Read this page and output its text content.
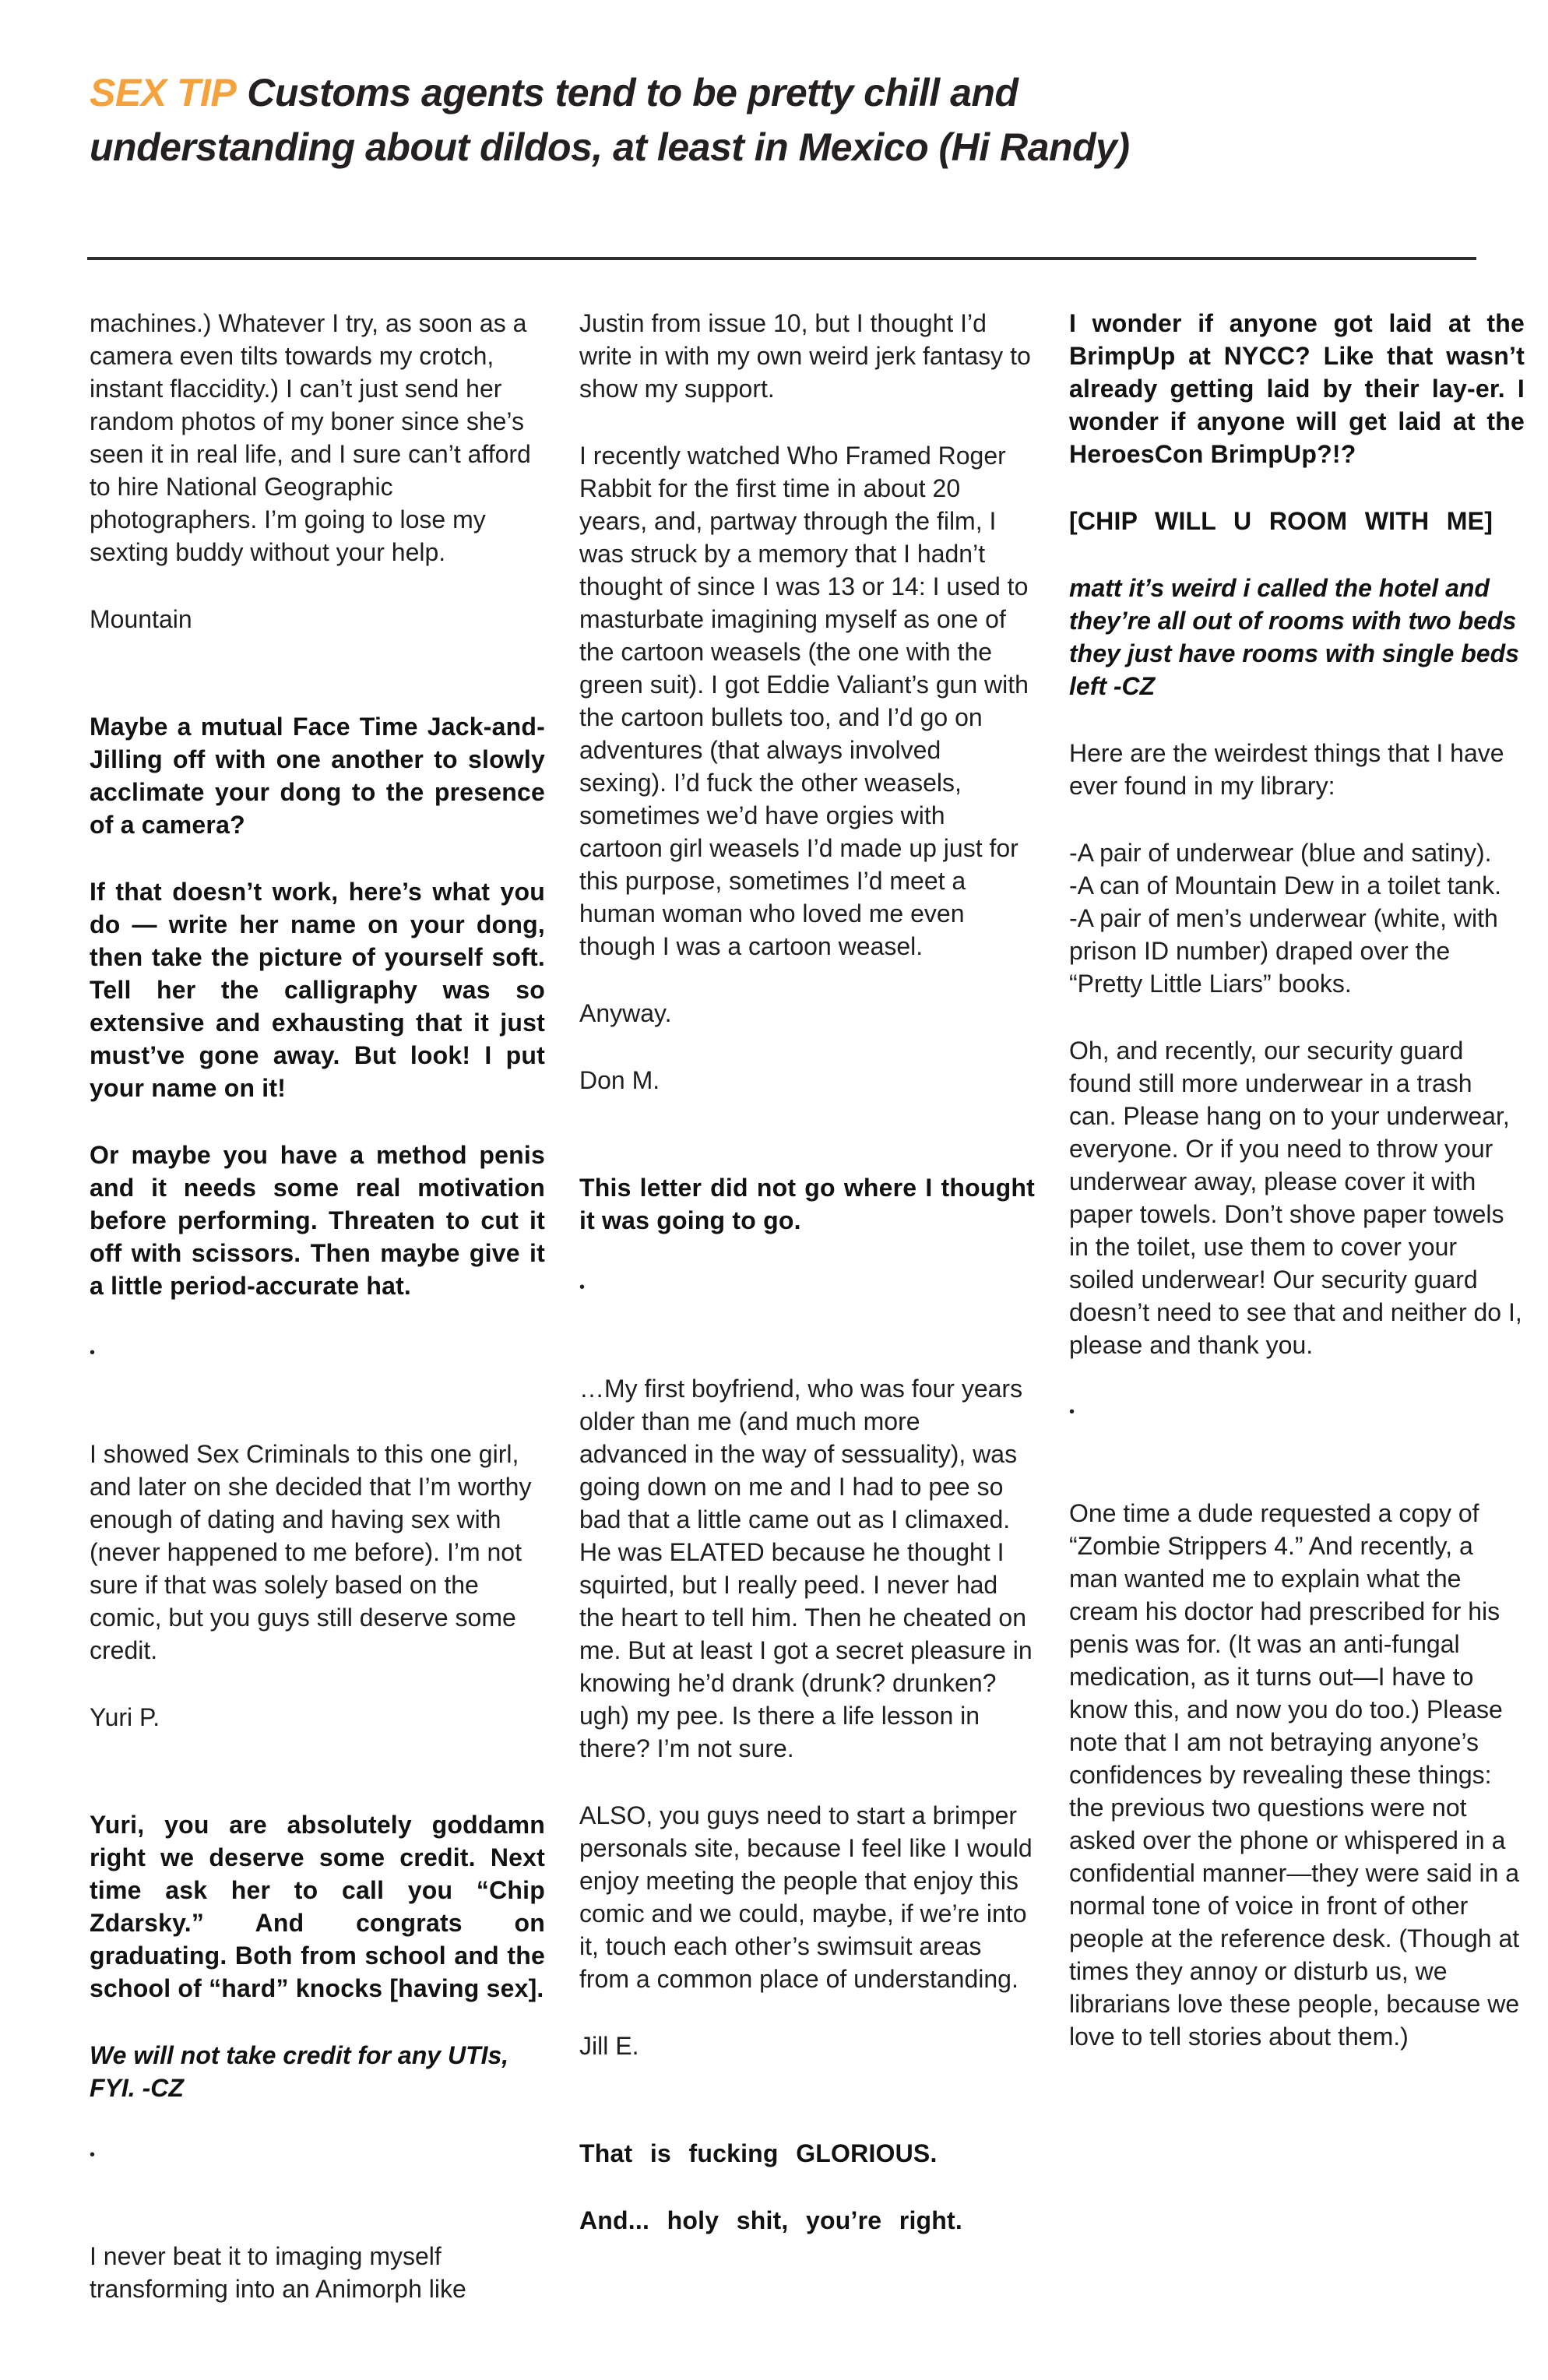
SEX TIP Customs agents tend to be pretty chill and understanding about dildos, at least in Mexico (Hi Randy)

machines.) Whatever I try, as soon as a camera even tilts towards my crotch, instant flaccidity.) I can’t just send her random photos of my boner since she’s seen it in real life, and I sure can’t afford to hire National Geographic photographers. I’m going to lose my sexting buddy without your help.

Mountain

Maybe a mutual Face Time Jack-and-Jilling off with one another to slowly acclimate your dong to the presence of a camera?

If that doesn’t work, here’s what you do — write her name on your dong, then take the picture of yourself soft. Tell her the calligraphy was so extensive and exhausting that it just must’ve gone away. But look! I put your name on it!

Or maybe you have a method penis and it needs some real motivation before performing. Threaten to cut it off with scissors. Then maybe give it a little period-accurate hat.

•

I showed Sex Criminals to this one girl, and later on she decided that I’m worthy enough of dating and having sex with (never happened to me before). I’m not sure if that was solely based on the comic, but you guys still deserve some credit.

Yuri P.

Yuri, you are absolutely goddamn right we deserve some credit. Next time ask her to call you “Chip Zdarsky.” And congrats on graduating. Both from school and the school of “hard” knocks [having sex].

We will not take credit for any UTIs, FYI. -CZ

•

I never beat it to imaging myself transforming into an Animorph like

Justin from issue 10, but I thought I’d write in with my own weird jerk fantasy to show my support.

I recently watched Who Framed Roger Rabbit for the first time in about 20 years, and, partway through the film, I was struck by a memory that I hadn’t thought of since I was 13 or 14: I used to masturbate imagining myself as one of the cartoon weasels (the one with the green suit). I got Eddie Valiant’s gun with the cartoon bullets too, and I’d go on adventures (that always involved sexing). I’d fuck the other weasels, sometimes we’d have orgies with cartoon girl weasels I’d made up just for this purpose, sometimes I’d meet a human woman who loved me even though I was a cartoon weasel.

Anyway.

Don M.

This letter did not go where I thought it was going to go.

•

…My first boyfriend, who was four years older than me (and much more advanced in the way of sessuality), was going down on me and I had to pee so bad that a little came out as I climaxed. He was ELATED because he thought I squirted, but I really peed. I never had the heart to tell him. Then he cheated on me. But at least I got a secret pleasure in knowing he’d drank (drunk? drunken? ugh) my pee. Is there a life lesson in there? I’m not sure.

ALSO, you guys need to start a brimper personals site, because I feel like I would enjoy meeting the people that enjoy this comic and we could, maybe, if we’re into it, touch each other’s swimsuit areas from a common place of understanding.

Jill E.

That is fucking GLORIOUS.

And... holy shit, you’re right.

I wonder if anyone got laid at the BrimpUp at NYCC? Like that wasn’t already getting laid by their lay-er. I wonder if anyone will get laid at the HeroesCon BrimpUp?!?

[CHIP WILL U ROOM WITH ME]

matt it’s weird i called the hotel and they’re all out of rooms with two beds they just have rooms with single beds left -CZ

Here are the weirdest things that I have ever found in my library:

-A pair of underwear (blue and satiny).

-A can of Mountain Dew in a toilet tank.

-A pair of men’s underwear (white, with prison ID number) draped over the “Pretty Little Liars” books.

Oh, and recently, our security guard found still more underwear in a trash can. Please hang on to your underwear, everyone. Or if you need to throw your underwear away, please cover it with paper towels. Don’t shove paper towels in the toilet, use them to cover your soiled underwear! Our security guard doesn’t need to see that and neither do I, please and thank you.

•

One time a dude requested a copy of “Zombie Strippers 4.” And recently, a man wanted me to explain what the cream his doctor had prescribed for his penis was for. (It was an anti-fungal medication, as it turns out—I have to know this, and now you do too.) Please note that I am not betraying anyone’s confidences by revealing these things: the previous two questions were not asked over the phone or whispered in a confidential manner—they were said in a normal tone of voice in front of other people at the reference desk. (Though at times they annoy or disturb us, we librarians love these people, because we love to tell stories about them.)
